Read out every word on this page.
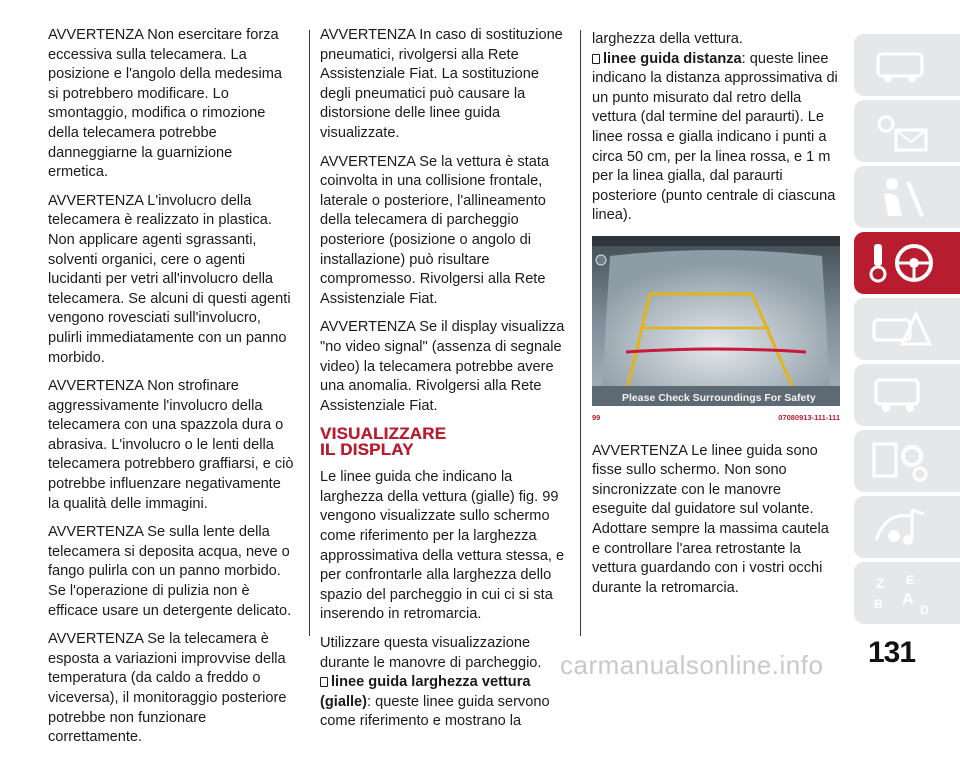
AVVERTENZA Non esercitare forza eccessiva sulla telecamera. La posizione e l'angolo della medesima si potrebbero modificare. Lo smontaggio, modifica o rimozione della telecamera potrebbe danneggiarne la guarnizione ermetica.

AVVERTENZA L'involucro della telecamera è realizzato in plastica. Non applicare agenti sgrassanti, solventi organici, cere o agenti lucidanti per vetri all'involucro della telecamera. Se alcuni di questi agenti vengono rovesciati sull'involucro, pulirli immediatamente con un panno morbido.

AVVERTENZA Non strofinare aggressivamente l'involucro della telecamera con una spazzola dura o abrasiva. L'involucro o le lenti della telecamera potrebbero graffiarsi, e ciò potrebbe influenzare negativamente la qualità delle immagini.

AVVERTENZA Se sulla lente della telecamera si deposita acqua, neve o fango pulirla con un panno morbido. Se l'operazione di pulizia non è efficace usare un detergente delicato.

AVVERTENZA Se la telecamera è esposta a variazioni improvvise della temperatura (da caldo a freddo o viceversa), il monitoraggio posteriore potrebbe non funzionare correttamente.

AVVERTENZA In caso di sostituzione pneumatici, rivolgersi alla Rete Assistenziale Fiat. La sostituzione degli pneumatici può causare la distorsione delle linee guida visualizzate.

AVVERTENZA Se la vettura è stata coinvolta in una collisione frontale, laterale o posteriore, l'allineamento della telecamera di parcheggio posteriore (posizione o angolo di installazione) può risultare compromesso. Rivolgersi alla Rete Assistenziale Fiat.

AVVERTENZA Se il display visualizza "no video signal" (assenza di segnale video) la telecamera potrebbe avere una anomalia. Rivolgersi alla Rete Assistenziale Fiat.

VISUALIZZARE
IL DISPLAY

Le linee guida che indicano la larghezza della vettura (gialle) fig. 99 vengono visualizzate sullo schermo come riferimento per la larghezza approssimativa della vettura stessa, e per confrontarle alla larghezza dello spazio del parcheggio in cui ci si sta inserendo in retromarcia.

Utilizzare questa visualizzazione durante le manovre di parcheggio.

linee guida larghezza vettura (gialle): queste linee guida servono come riferimento e mostrano la
larghezza della vettura.

linee guida distanza: queste linee indicano la distanza approssimativa di un punto misurato dal retro della vettura (dal termine del paraurti). Le linee rossa e gialla indicano i punti a circa 50 cm, per la linea rossa, e 1 m per la linea gialla, dal paraurti posteriore (punto centrale di ciascuna linea).

Please Check Surroundings For Safety
99	07080913-111-111

AVVERTENZA Le linee guida sono fisse sullo schermo. Non sono sincronizzate con le manovre eseguite dal guidatore sul volante. Adottare sempre la massima cautela e controllare l'area retrostante la vettura guardando con i vostri occhi durante la retromarcia.	Z E
A
B	D
131
carmanualsonline.info
